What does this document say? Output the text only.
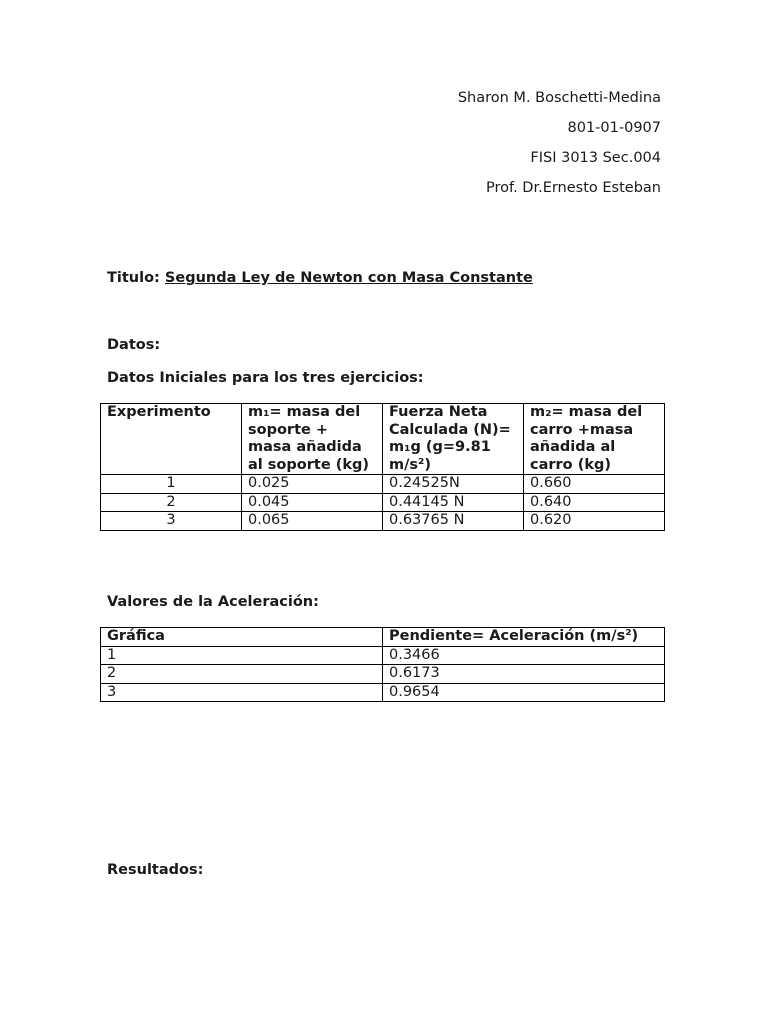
Sharon M. Boschetti-Medina
801-01-0907
FISI 3013 Sec.004
Prof. Dr.Ernesto Esteban
Titulo: Segunda Ley de Newton con Masa Constante
Datos:
Datos Iniciales para los tres ejercicios:
Experimento	m₁= masa del soporte + masa añadida al soporte (kg)	Fuerza Neta Calculada (N)= m₁g (g=9.81 m/s²)	m₂= masa del carro +masa añadida al carro (kg)
1	0.025	0.24525N	0.660
2	0.045	0.44145 N	0.640
3	0.065	0.63765 N	0.620
Valores de la Aceleración:
Gráfica	Pendiente= Aceleración (m/s²)
1	0.3466
2	0.6173
3	0.9654
Resultados:
